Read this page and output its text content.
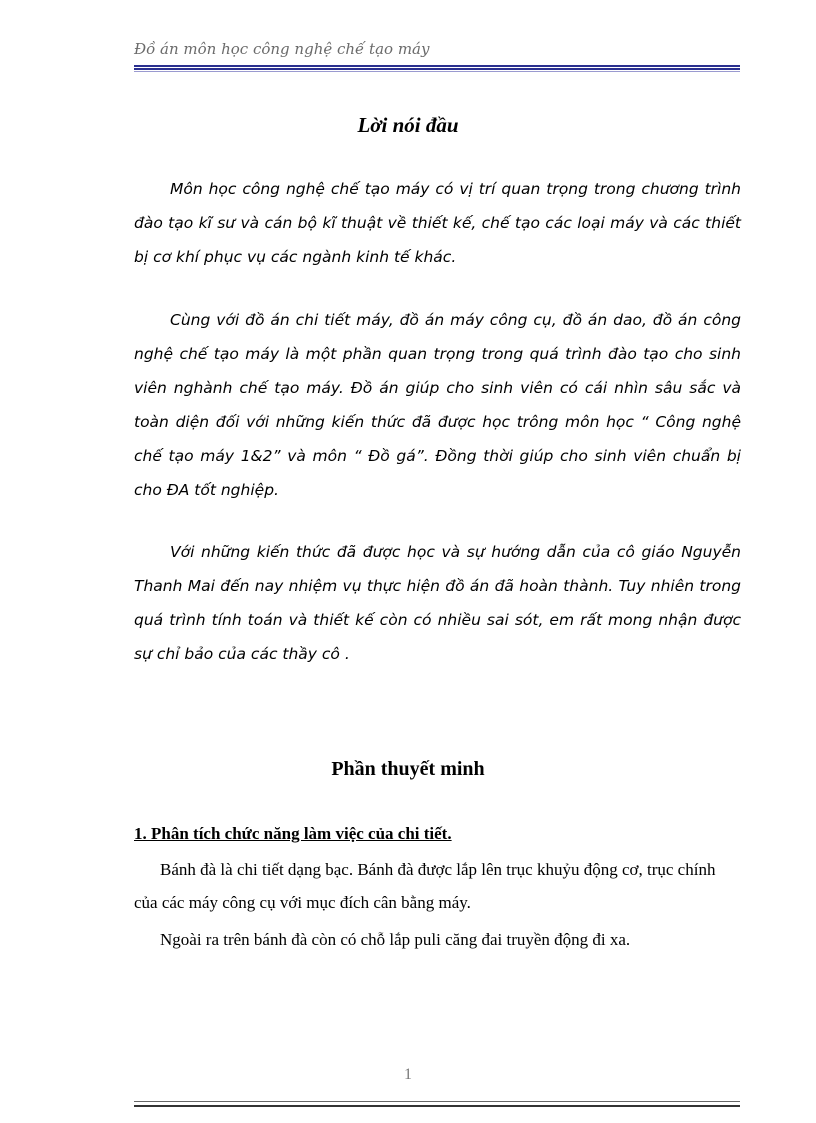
Đồ án môn học công nghệ chế tạo máy
Lời nói đầu

Môn học công nghệ chế tạo máy có vị trí quan trọng trong chương trình đào tạo kĩ sư và cán bộ kĩ thuật về thiết kế, chế tạo các loại máy và các thiết bị cơ khí phục vụ các ngành kinh tế khác.

Cùng với đồ án chi tiết máy, đồ án máy công cụ, đồ án dao, đồ án công nghệ chế tạo máy là một phần quan trọng trong quá trình đào tạo cho sinh viên nghành chế tạo máy. Đồ án giúp cho sinh viên có cái nhìn sâu sắc và toàn diện đối với những kiến thức đã được học trông môn học “ Công nghệ chế tạo máy 1&2” và môn “ Đồ gá”. Đồng thời giúp cho sinh viên chuẩn bị cho ĐA tốt nghiệp.

Với những kiến thức đã được học và sự hướng dẫn của cô giáo Nguyễn Thanh Mai đến nay nhiệm vụ thực hiện đồ án đã hoàn thành. Tuy nhiên trong quá trình tính toán và thiết kế còn có nhiều sai sót, em rất mong nhận được sự chỉ bảo của các thầy cô .

Phần thuyết minh
1. Phân tích chức năng làm việc của chi tiết.

Bánh đà là chi tiết dạng bạc. Bánh đà được lắp lên trục khuỷu động cơ, trục chính của các máy công cụ với mục đích cân bằng máy.

Ngoài ra trên bánh đà còn có chỗ lắp puli căng đai truyền động đi xa.

1
